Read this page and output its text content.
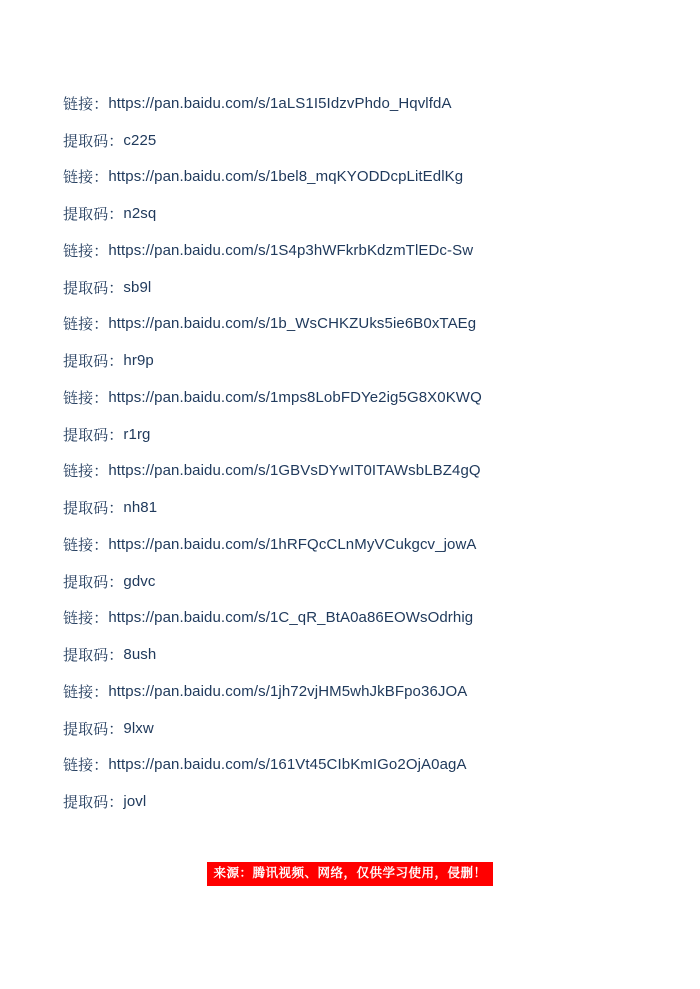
链接： https://pan.baidu.com/s/1aLS1I5IdzvPhdo_HqvlfdA
提取码： c225
链接： https://pan.baidu.com/s/1bel8_mqKYODDcpLitEdlKg
提取码： n2sq
链接： https://pan.baidu.com/s/1S4p3hWFkrbKdzmTlEDc-Sw
提取码： sb9l
链接： https://pan.baidu.com/s/1b_WsCHKZUks5ie6B0xTAEg
提取码： hr9p
链接： https://pan.baidu.com/s/1mps8LobFDYe2ig5G8X0KWQ
提取码： r1rg
链接： https://pan.baidu.com/s/1GBVsDYwIT0ITAWsbLBZ4gQ
提取码： nh81
链接： https://pan.baidu.com/s/1hRFQcCLnMyVCukgcv_jowA
提取码： gdvc
链接： https://pan.baidu.com/s/1C_qR_BtA0a86EOWsOdrhig
提取码： 8ush
链接： https://pan.baidu.com/s/1jh72vjHM5whJkBFpo36JOA
提取码： 9lxw
链接： https://pan.baidu.com/s/161Vt45CIbKmIGo2OjA0agA
提取码： jovl
来源：腾讯视频、网络，仅供学习使用，侵删！
